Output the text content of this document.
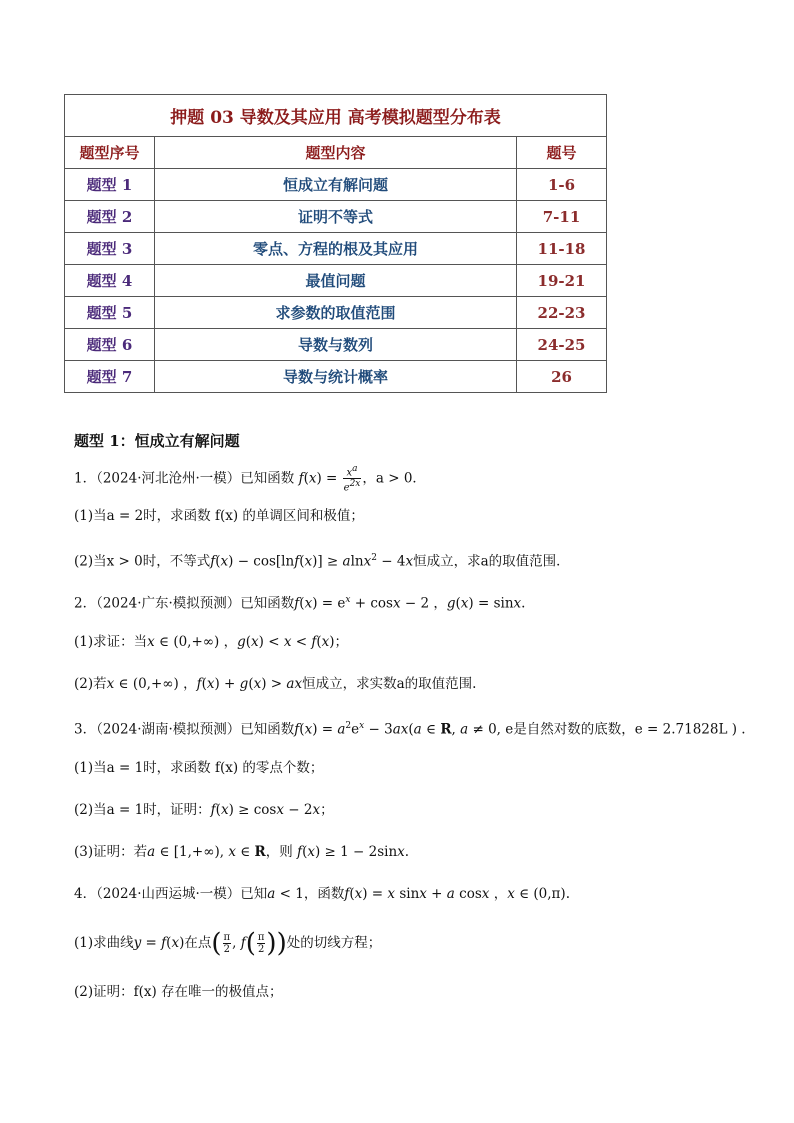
押题 03 导数及其应用 高考模拟题型分布表		
题型序号	题型内容	题号
题型 1	恒成立有解问题	1-6
题型 2	证明不等式	7-11
题型 3	零点、方程的根及其应用	11-18
题型 4	最值问题	19-21
题型 5	求参数的取值范围	22-23
题型 6	导数与数列	24-25
题型 7	导数与统计概率	26
题型 1：恒成立有解问题
1．（2024·河北沧州·一模）已知函数 $f(x) = \frac{x^a}{e^{2x}}$ ，a > 0．
(1)当a = 2时，求函数 f(x) 的单调区间和极值；
(2)当x > 0时，不等式f(x) − cos[lnf(x)] ≥ alnx$^2$ − 4x恒成立，求a的取值范围．
2．（2024·广东·模拟预测）已知函数$f(x) = e^x + \cos x - 2$ ，g(x) = sinx.
(1)求证：当x ∈ (0,+∞) ，g(x) < x < f(x)；
(2)若x ∈ (0,+∞) ，f(x) + g(x) > ax恒成立，求实数a的取值范围.
3．（2024·湖南·模拟预测）已知函数$f(x) = a^2e^x - 3ax(a$ ∈ R, a ≠ 0, e是自然对数的底数，e = 2.71828L ) .
(1)当a = 1时，求函数 f(x) 的零点个数；
(2)当a = 1时，证明：f(x) ≥ cosx − 2x；
(3)证明：若a ∈ [1,+∞), x ∈ R，则 f(x) ≥ 1 − 2sinx.
4．（2024·山西运城·一模）已知a < 1，函数f(x) = x sinx + a cosx ，x ∈ (0,π).
(1)求曲线y = f(x)在点( $\frac{\pi}{2}$ , $f( \frac{\pi}{2}$ ))处的切线方程；
(2)证明：f(x) 存在唯一的极值点；
